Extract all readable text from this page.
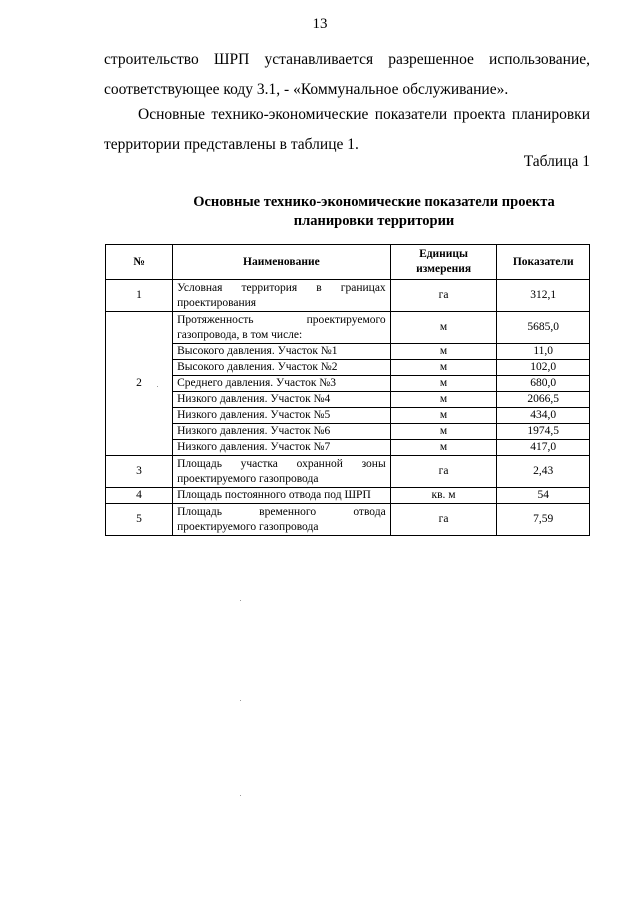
13
строительство ШРП устанавливается разрешенное использование,
соответствующее коду 3.1, - «Коммунальное обслуживание».
Основные технико-экономические показатели проекта планировки
территории представлены в таблице 1.
Таблица 1
Основные технико-экономические показатели проекта
планировки территории
№	Наименование	Единицы измерения	Показатели
1	Условная территория в границах проектирования	га	312,1
2	Протяженность проектируемого газопровода, в том числе:	м	5685,0
	Высокого давления. Участок №1	м	11,0
	Высокого давления. Участок №2	м	102,0
	Среднего давления. Участок №3	м	680,0
	Низкого давления. Участок №4	м	2066,5
	Низкого давления. Участок №5	м	434,0
	Низкого давления. Участок №6	м	1974,5
	Низкого давления. Участок №7	м	417,0
3	Площадь участка охранной зоны проектируемого газопровода	га	2,43
4	Площадь постоянного отвода под ШРП	кв. м	54
5	Площадь временного отвода проектируемого газопровода	га	7,59
